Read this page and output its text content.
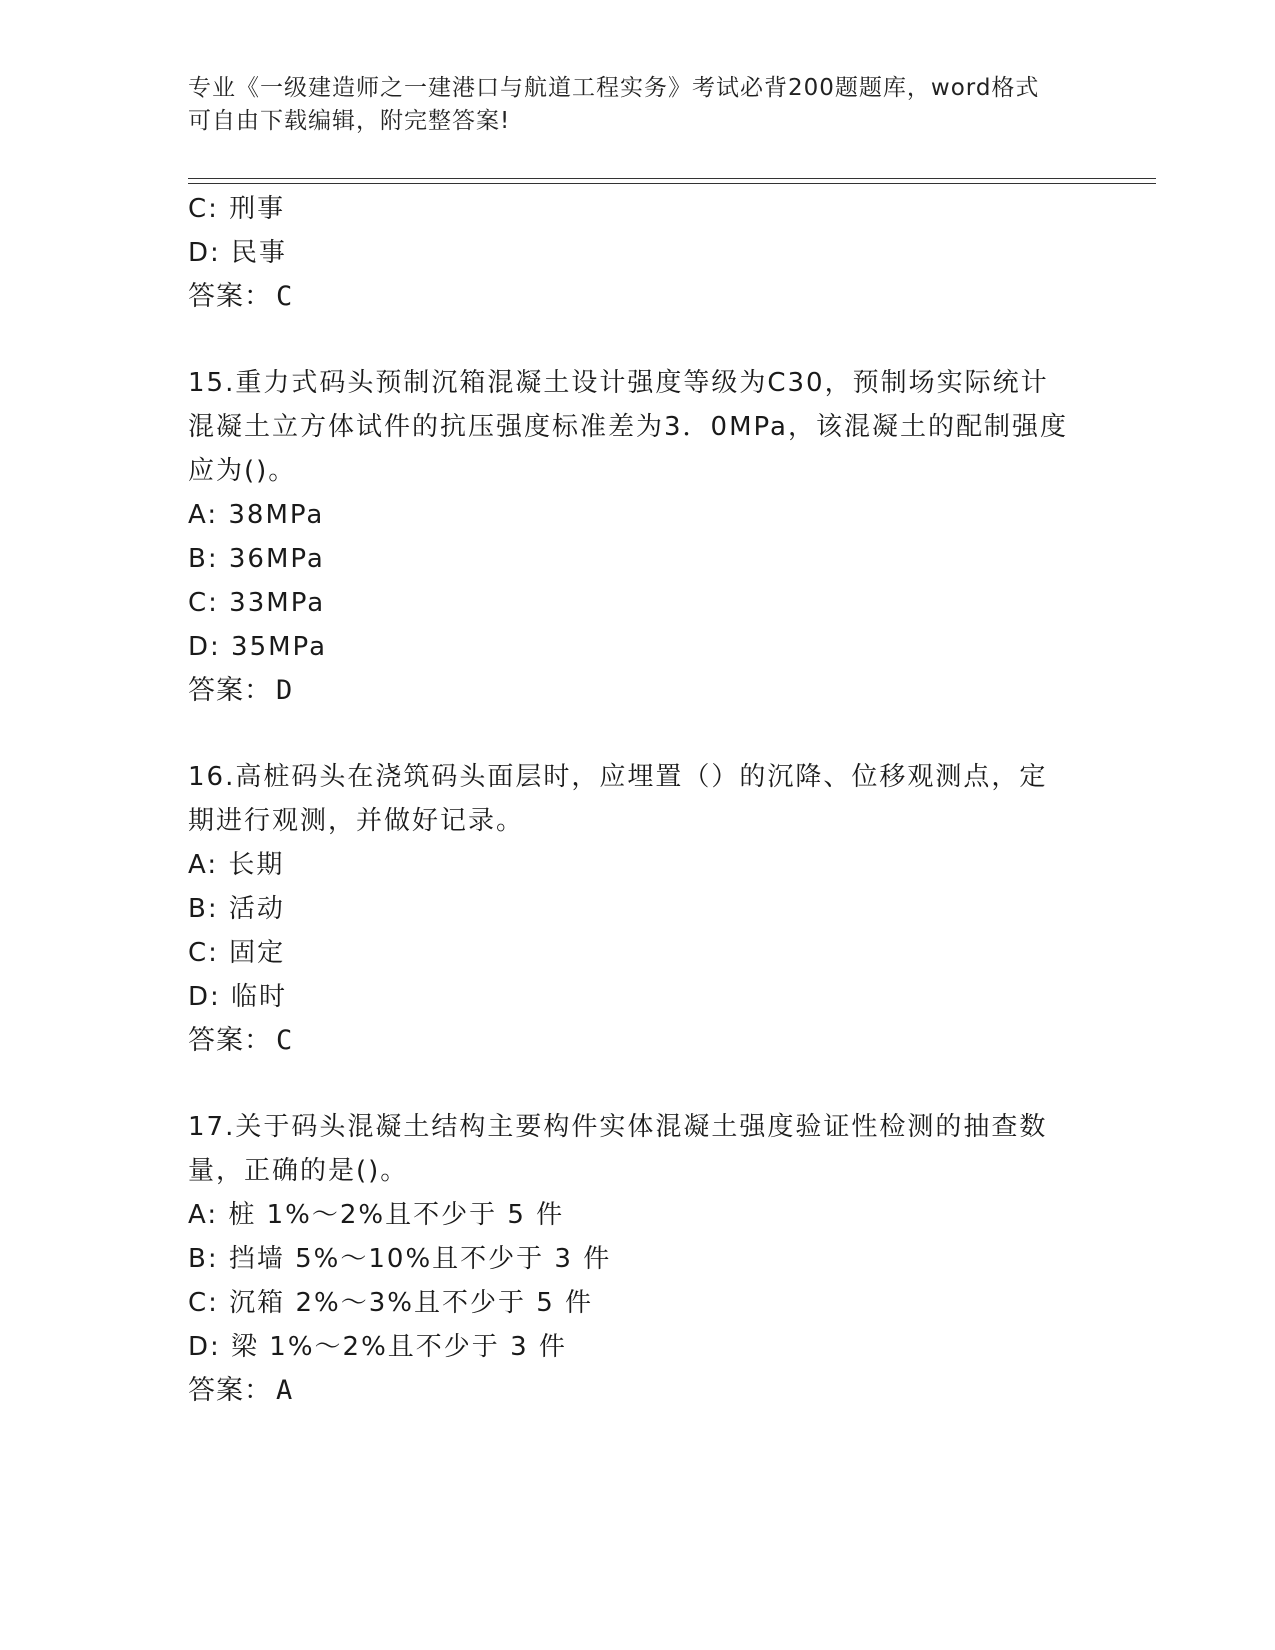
专业《一级建造师之一建港口与航道工程实务》考试必背200题题库，word格式
可自由下载编辑，附完整答案!
C: 刑事
D: 民事
答案： C
15.重力式码头预制沉箱混凝土设计强度等级为C30，预制场实际统计
混凝土立方体试件的抗压强度标准差为3．0MPa，该混凝土的配制强度
应为()。
A: 38MPa
B: 36MPa
C: 33MPa
D: 35MPa
答案： D
16.高桩码头在浇筑码头面层时，应埋置（）的沉降、位移观测点，定
期进行观测，并做好记录。
A: 长期
B: 活动
C: 固定
D: 临时
答案： C
17.关于码头混凝土结构主要构件实体混凝土强度验证性检测的抽查数
量，正确的是()。
A: 桩 1%～2%且不少于 5 件
B: 挡墙 5%～10%且不少于 3 件
C: 沉箱 2%～3%且不少于 5 件
D: 梁 1%～2%且不少于 3 件
答案： A
